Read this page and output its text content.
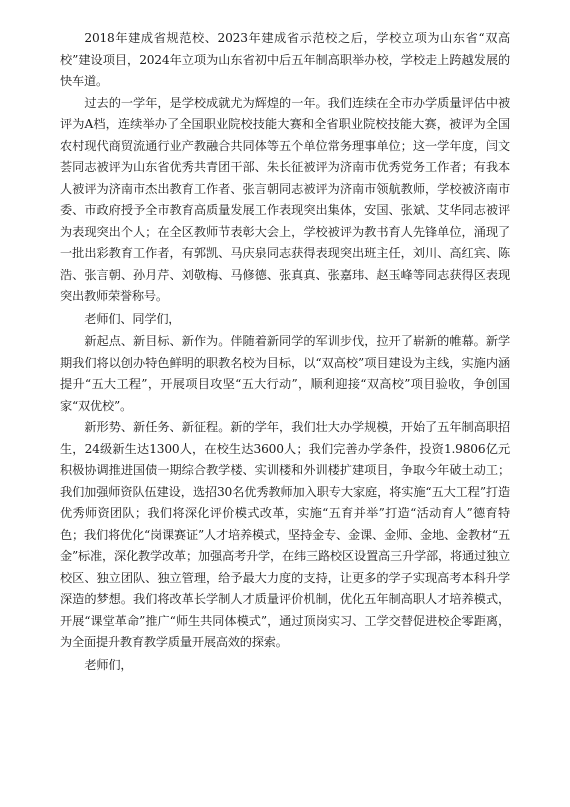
2018年建成省规范校、2023年建成省示范校之后，学校立项为山东省“双高校”建设项目，2024年立项为山东省初中后五年制高职举办校，学校走上跨越发展的快车道。

过去的一学年，是学校成就尤为辉煌的一年。我们连续在全市办学质量评估中被评为A档，连续举办了全国职业院校技能大赛和全省职业院校技能大赛，被评为全国农村现代商贸流通行业产教融合共同体等五个单位常务理事单位；这一学年度，闫文荟同志被评为山东省优秀共青团干部、朱长征被评为济南市优秀党务工作者；有我本人被评为济南市杰出教育工作者、张言朝同志被评为济南市领航教师，学校被济南市委、市政府授予全市教育高质量发展工作表现突出集体，安国、张斌、艾华同志被评为表现突出个人；在全区教师节表彰大会上，学校被评为教书育人先锋单位，涌现了一批出彩教育工作者，有郭凯、马庆泉同志获得表现突出班主任，刘川、高红宾、陈浩、张言朝、孙月芹、刘敬梅、马修德、张真真、张嘉玮、赵玉峰等同志获得区表现突出教师荣誉称号。

老师们、同学们，

新起点、新目标、新作为。伴随着新同学的军训步伐，拉开了崭新的帷幕。新学期我们将以创办特色鲜明的职教名校为目标，以“双高校”项目建设为主线，实施内涵提升“五大工程”，开展项目攻坚“五大行动”，顺利迎接“双高校”项目验收，争创国家“双优校”。

新形势、新任务、新征程。新的学年，我们壮大办学规模，开始了五年制高职招生，24级新生达1300人，在校生达3600人；我们完善办学条件，投资1.9806亿元积极协调推进国债一期综合教学楼、实训楼和外训楼扩建项目，争取今年破土动工；我们加强师资队伍建设，选招30名优秀教师加入职专大家庭，将实施“五大工程”打造优秀师资团队；我们将深化评价模式改革，实施“五育并举”打造“活动育人”德育特色；我们将优化“岗课赛证”人才培养模式，坚持金专、金课、金师、金地、金教材“五金”标准，深化教学改革；加强高考升学，在纬三路校区设置高三升学部，将通过独立校区、独立团队、独立管理，给予最大力度的支持，让更多的学子实现高考本科升学深造的梦想。我们将改革长学制人才质量评价机制，优化五年制高职人才培养模式，开展“课堂革命”推广“师生共同体模式”，通过顶岗实习、工学交替促进校企零距离，为全面提升教育教学质量开展高效的探索。

老师们，
